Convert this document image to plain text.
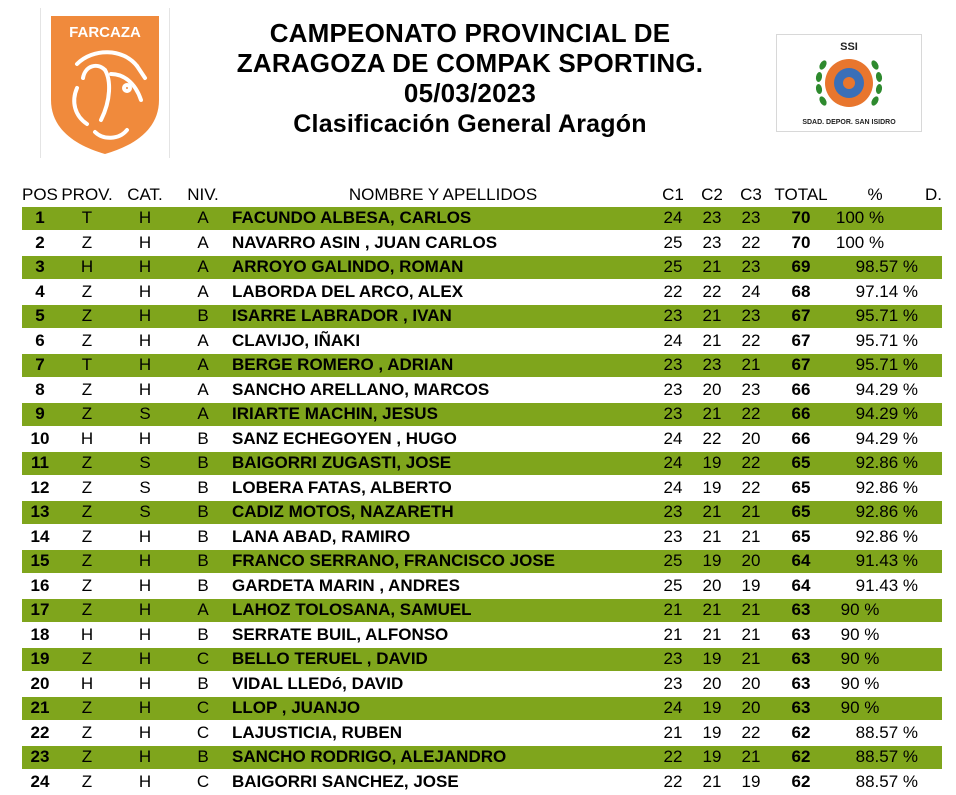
FARCAZA	CAMPEONATO PROVINCIAL DE
ZARAGOZA DE COMPAK SPORTING.
05/03/2023
Clasificación General Aragón
SSI
SDAD. DEPOR. SAN ISIDRO
POS	PROV.	CAT.	NIV.	NOMBRE Y APELLIDOS	C1	C2	C3	TOTAL	%	D.
1	T	H	A	FACUNDO ALBESA, CARLOS	24	23	23	70	100 %	
2	Z	H	A	NAVARRO ASIN , JUAN CARLOS	25	23	22	70	100 %	
3	H	H	A	ARROYO GALINDO, ROMAN	25	21	23	69	98.57 %	
4	Z	H	A	LABORDA DEL ARCO, ALEX	22	22	24	68	97.14 %	
5	Z	H	B	ISARRE LABRADOR , IVAN	23	21	23	67	95.71 %	
6	Z	H	A	CLAVIJO, IÑAKI	24	21	22	67	95.71 %	
7	T	H	A	BERGE ROMERO , ADRIAN	23	23	21	67	95.71 %	
8	Z	H	A	SANCHO ARELLANO, MARCOS	23	20	23	66	94.29 %	
9	Z	S	A	IRIARTE MACHIN, JESUS	23	21	22	66	94.29 %	
10	H	H	B	SANZ ECHEGOYEN , HUGO	24	22	20	66	94.29 %	
11	Z	S	B	BAIGORRI ZUGASTI, JOSE	24	19	22	65	92.86 %	
12	Z	S	B	LOBERA FATAS, ALBERTO	24	19	22	65	92.86 %	
13	Z	S	B	CADIZ MOTOS, NAZARETH	23	21	21	65	92.86 %	
14	Z	H	B	LANA ABAD, RAMIRO	23	21	21	65	92.86 %	
15	Z	H	B	FRANCO SERRANO, FRANCISCO JOSE	25	19	20	64	91.43 %	
16	Z	H	B	GARDETA MARIN , ANDRES	25	20	19	64	91.43 %	
17	Z	H	A	LAHOZ TOLOSANA, SAMUEL	21	21	21	63	90 %	
18	H	H	B	SERRATE BUIL, ALFONSO	21	21	21	63	90 %	
19	Z	H	C	BELLO TERUEL , DAVID	23	19	21	63	90 %	
20	H	H	B	VIDAL LLEDó, DAVID	23	20	20	63	90 %	
21	Z	H	C	LLOP , JUANJO	24	19	20	63	90 %	
22	Z	H	C	LAJUSTICIA, RUBEN	21	19	22	62	88.57 %	
23	Z	H	B	SANCHO RODRIGO, ALEJANDRO	22	19	21	62	88.57 %	
24	Z	H	C	BAIGORRI SANCHEZ, JOSE	22	21	19	62	88.57 %	
